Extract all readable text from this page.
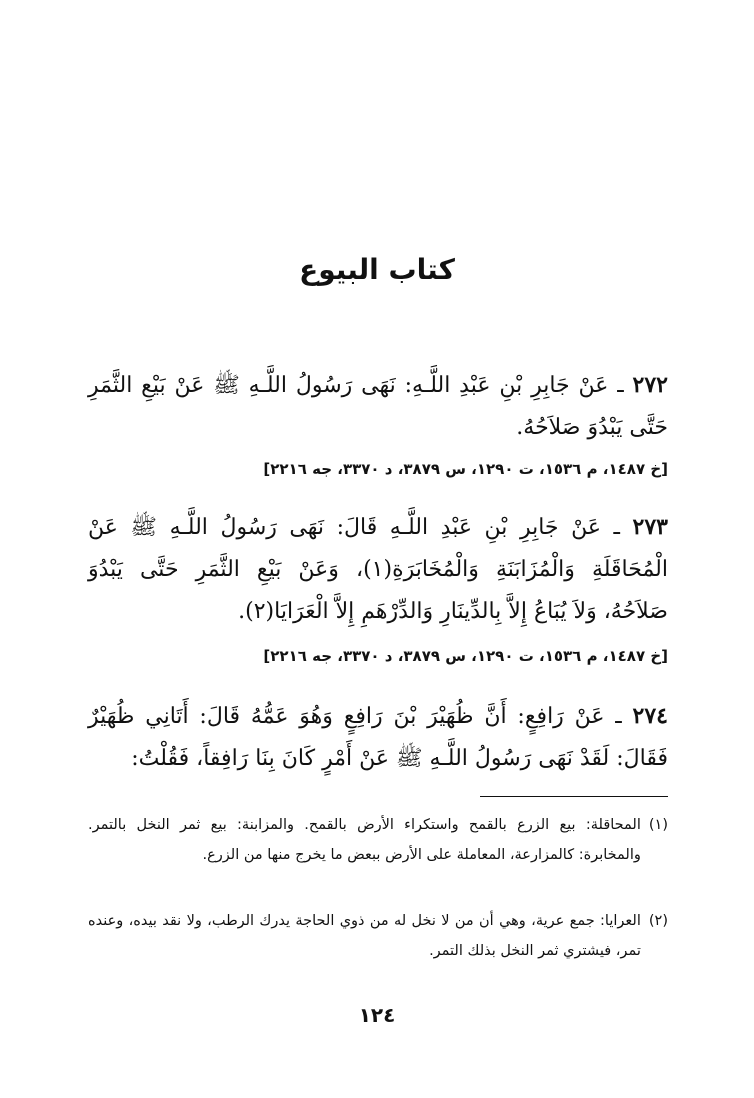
كتاب البيوع

٢٧٢ ـ عَنْ جَابِرِ بْنِ عَبْدِ اللَّـهِ: نَهَى رَسُولُ اللَّـهِ ﷺ عَنْ بَيْعِ الثَّمَرِ حَتَّى يَبْدُوَ صَلاَحُهُ.

[خ ١٤٨٧، م ١٥٣٦، ت ١٢٩٠، س ٣٨٧٩، د ٣٣٧٠، جه ٢٢١٦]

٢٧٣ ـ عَنْ جَابِرِ بْنِ عَبْدِ اللَّـهِ قَالَ: نَهَى رَسُولُ اللَّـهِ ﷺ عَنْ الْمُحَاقَلَةِ وَالْمُزَابَنَةِ وَالْمُخَابَرَةِ(١)، وَعَنْ بَيْعِ الثَّمَرِ حَتَّى يَبْدُوَ صَلاَحُهُ، وَلاَ يُبَاعُ إِلاَّ بِالدِّينَارِ وَالدِّرْهَمِ إِلاَّ الْعَرَايَا(٢).

[خ ١٤٨٧، م ١٥٣٦، ت ١٢٩٠، س ٣٨٧٩، د ٣٣٧٠، جه ٢٢١٦]

٢٧٤ ـ عَنْ رَافِعٍ: أَنَّ ظُهَيْرَ بْنَ رَافِعٍ وَهُوَ عَمُّهُ قَالَ: أَتَانِي ظُهَيْرٌ فَقَالَ: لَقَدْ نَهَى رَسُولُ اللَّـهِ ﷺ عَنْ أَمْرٍ كَانَ بِنَا رَافِقاً، فَقُلْتُ:

(١)

المحاقلة: بيع الزرع بالقمح واستكراء الأرض بالقمح. والمزابنة: بيع ثمر النخل بالتمر. والمخابرة: كالمزارعة، المعاملة على الأرض ببعض ما يخرج منها من الزرع.

(٢)

العرايا: جمع عرية، وهي أن من لا نخل له من ذوي الحاجة يدرك الرطب، ولا نقد بيده، وعنده تمر، فيشتري ثمر النخل بذلك التمر.

١٢٤
